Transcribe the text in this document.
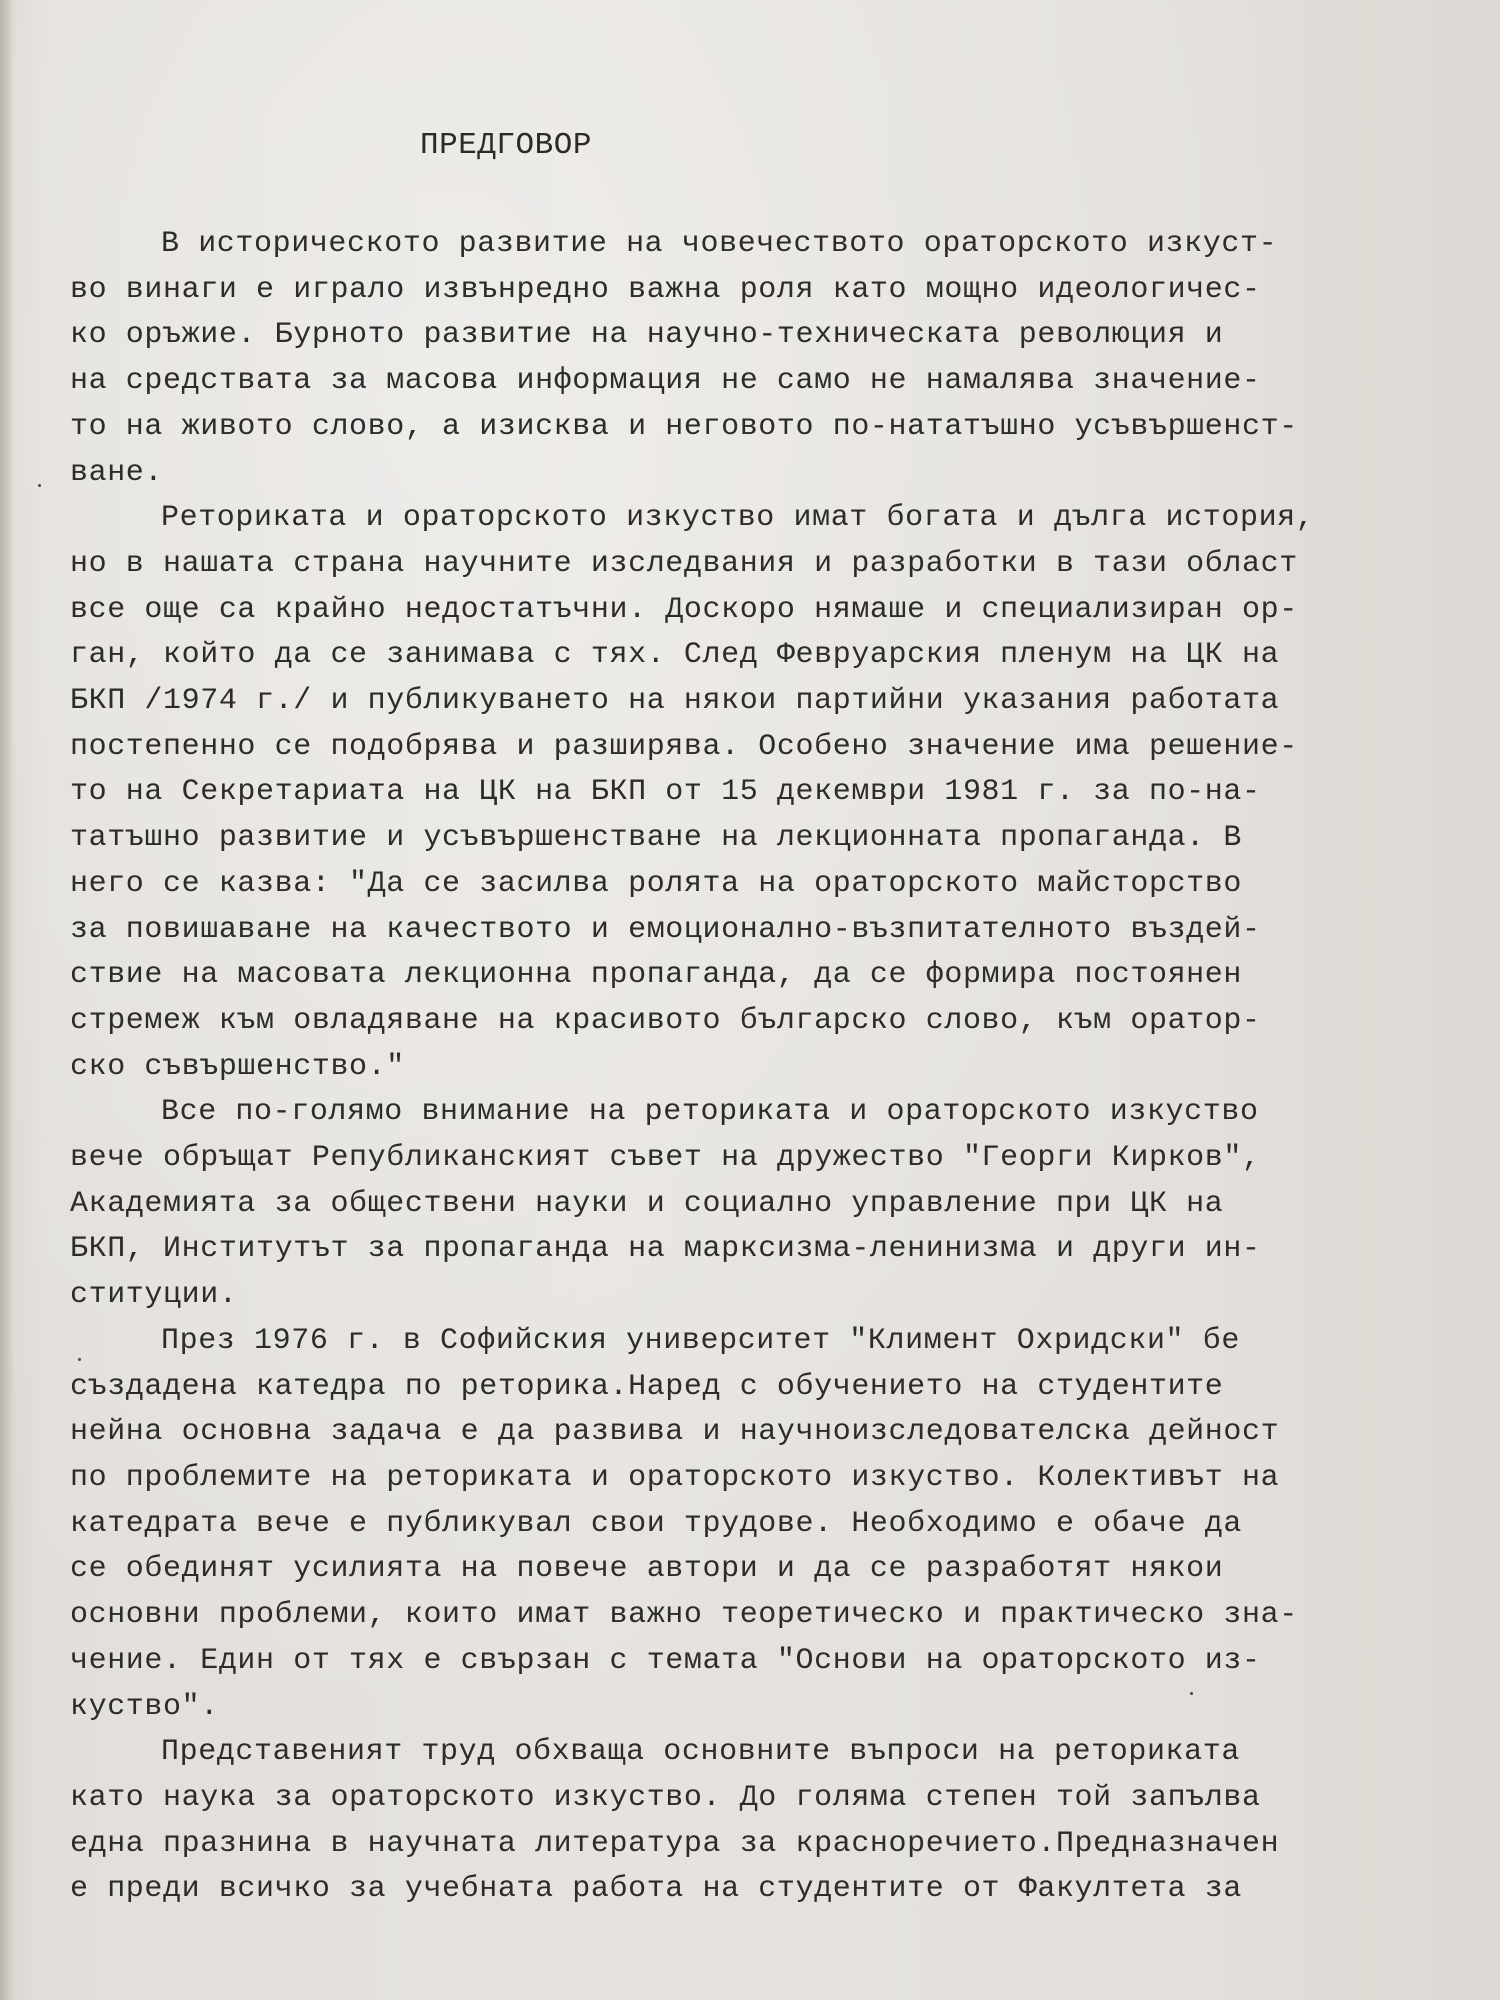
ПРЕДГОВОР
В историческото развитие на човечеството ораторското изкуст-
во винаги е играло извънредно важна роля като мощно идеологичес-
ко оръжие. Бурното развитие на научно-техническата революция и
на средствата за масова информация не само не намалява значение-
то на живото слово, а изисква и неговото по-нататъшно усъвършенст-
ване.
Реториката и ораторското изкуство имат богата и дълга история,
но в нашата страна научните изследвания и разработки в тази област
все още са крайно недостатъчни. Доскоро нямаше и специализиран ор-
ган, който да се занимава с тях. След Февруарския пленум на ЦК на
БКП /1974 г./ и публикуването на някои партийни указания работата
постепенно се подобрява и разширява. Особено значение има решение-
то на Секретариата на ЦК на БКП от 15 декември 1981 г. за по-на-
татъшно развитие и усъвършенстване на лекционната пропаганда. В
него се казва: "Да се засилва ролята на ораторското майсторство
за повишаване на качеството и емоционално-възпитателното въздей-
ствие на масовата лекционна пропаганда, да се формира постоянен
стремеж към овладяване на красивото българско слово, към оратор-
ско съвършенство."
Все по-голямо внимание на реториката и ораторското изкуство
вече обръщат Републиканският съвет на дружество "Георги Кирков",
Академията за обществени науки и социално управление при ЦК на
БКП, Институтът за пропаганда на марксизма-ленинизма и други ин-
ституции.
През 1976 г. в Софийския университет "Климент Охридски" бе
създадена катедра по реторика.Наред с обучението на студентите
нейна основна задача е да развива и научноизследователска дейност
по проблемите на реториката и ораторското изкуство. Колективът на
катедрата вече е публикувал свои трудове. Необходимо е обаче да
се обединят усилията на повече автори и да се разработят някои
основни проблеми, които имат важно теоретическо и практическо зна-
чение. Един от тях е свързан с темата "Основи на ораторското из-
куство".
Представеният труд обхваща основните въпроси на реториката
като наука за ораторското изкуство. До голяма степен той запълва
една празнина в научната литература за красноречието.Предназначен
е преди всичко за учебната работа на студентите от Факултета за
